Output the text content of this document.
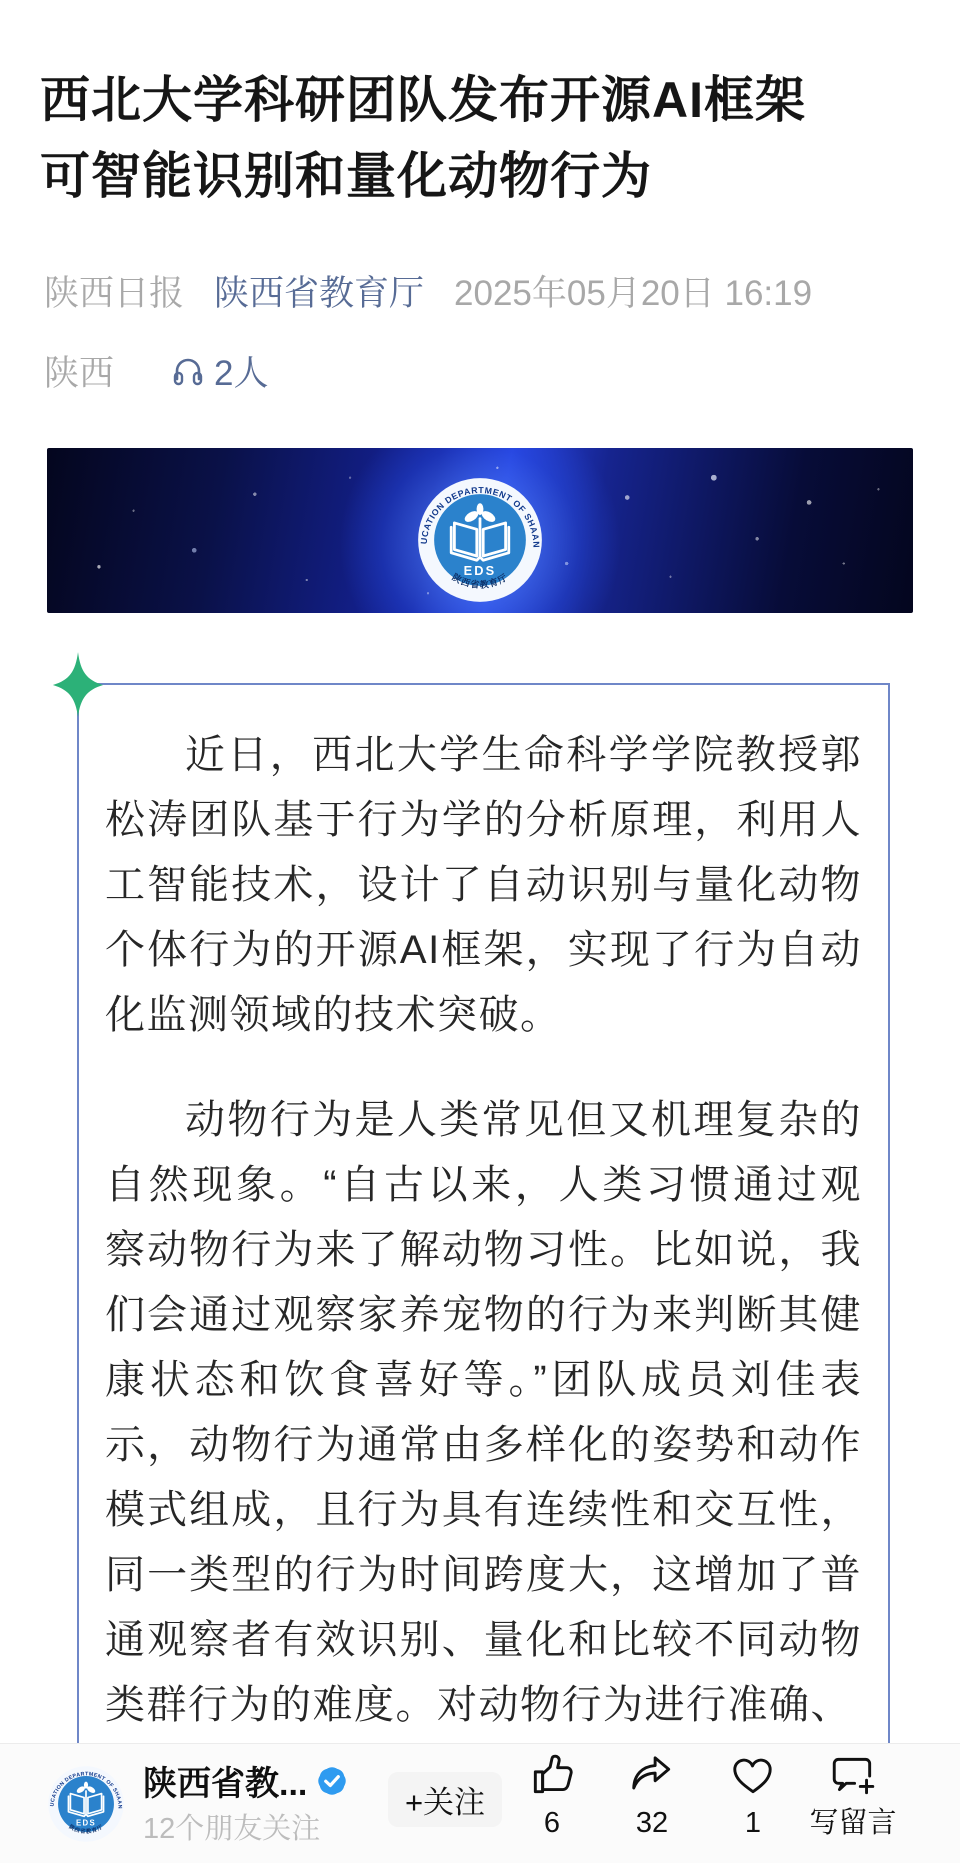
西北大学科研团队发布开源AI框架
可智能识别和量化动物行为
陕西日报 陕西省教育厅 2025年05月20日 16:19
陕西	2人

近日，西北大学生命科学学院教授郭松涛团队基于行为学的分析原理，利用人工智能技术，设计了自动识别与量化动物个体行为的开源AI框架，实现了行为自动化监测领域的技术突破。

动物行为是人类常见但又机理复杂的自然现象。“自古以来，人类习惯通过观察动物行为来了解动物习性。比如说，我们会通过观察家养宠物的行为来判断其健康状态和饮食喜好等。”团队成员刘佳表示，动物行为通常由多样化的姿势和动作模式组成，且行为具有连续性和交互性，同一类型的行为时间跨度大，这增加了普通观察者有效识别、量化和比较不同动物类群行为的难度。对动物行为进行准确、

陕西省教...
12个朋友关注
+关注
6	32	1	写留言
